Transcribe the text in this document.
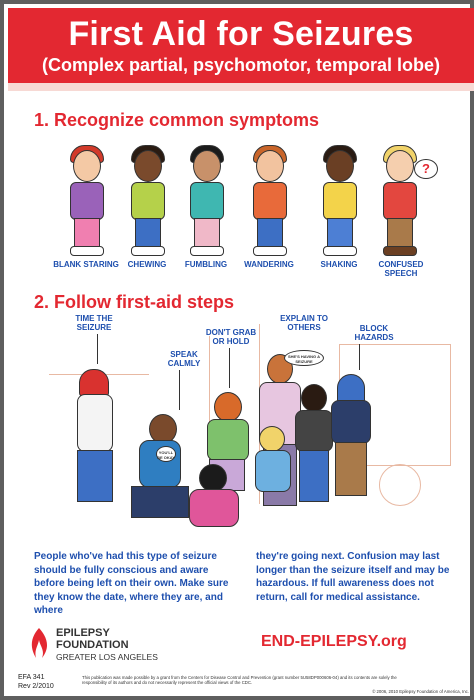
First Aid for Seizures
(Complex partial, psychomotor, temporal lobe)
1. Recognize common symptoms
?
BLANK STARING	CHEWING	FUMBLING	WANDERING	SHAKING	CONFUSED SPEECH
2. Follow first-aid steps
YOU'LL BE OKAY
SHE'S HAVING A SEIZURE
TIME THE SEIZURE
SPEAK CALMLY
DON'T GRAB OR HOLD
EXPLAIN TO OTHERS	BLOCK HAZARDS
People who've had this type of seizure should be fully conscious and aware before being left on their own. Make sure they know the date, where they are, and where
they're going next. Confusion may last longer than the seizure itself and may be hazardous. If full awareness does not return, call for medical assistance.
EPILEPSY
FOUNDATION
GREATER LOS ANGELES
END-EPILEPSY.org
EFA 341
Rev 2/2010
This publication was made possible by a grant from the Centers for Disease Control and Prevention (grant number 5U58DP000606-04) and its contents are solely the responsibility of its authors and do not necessarily represent the official views of the CDC.
© 2006, 2010 Epilepsy Foundation of America, Inc.
